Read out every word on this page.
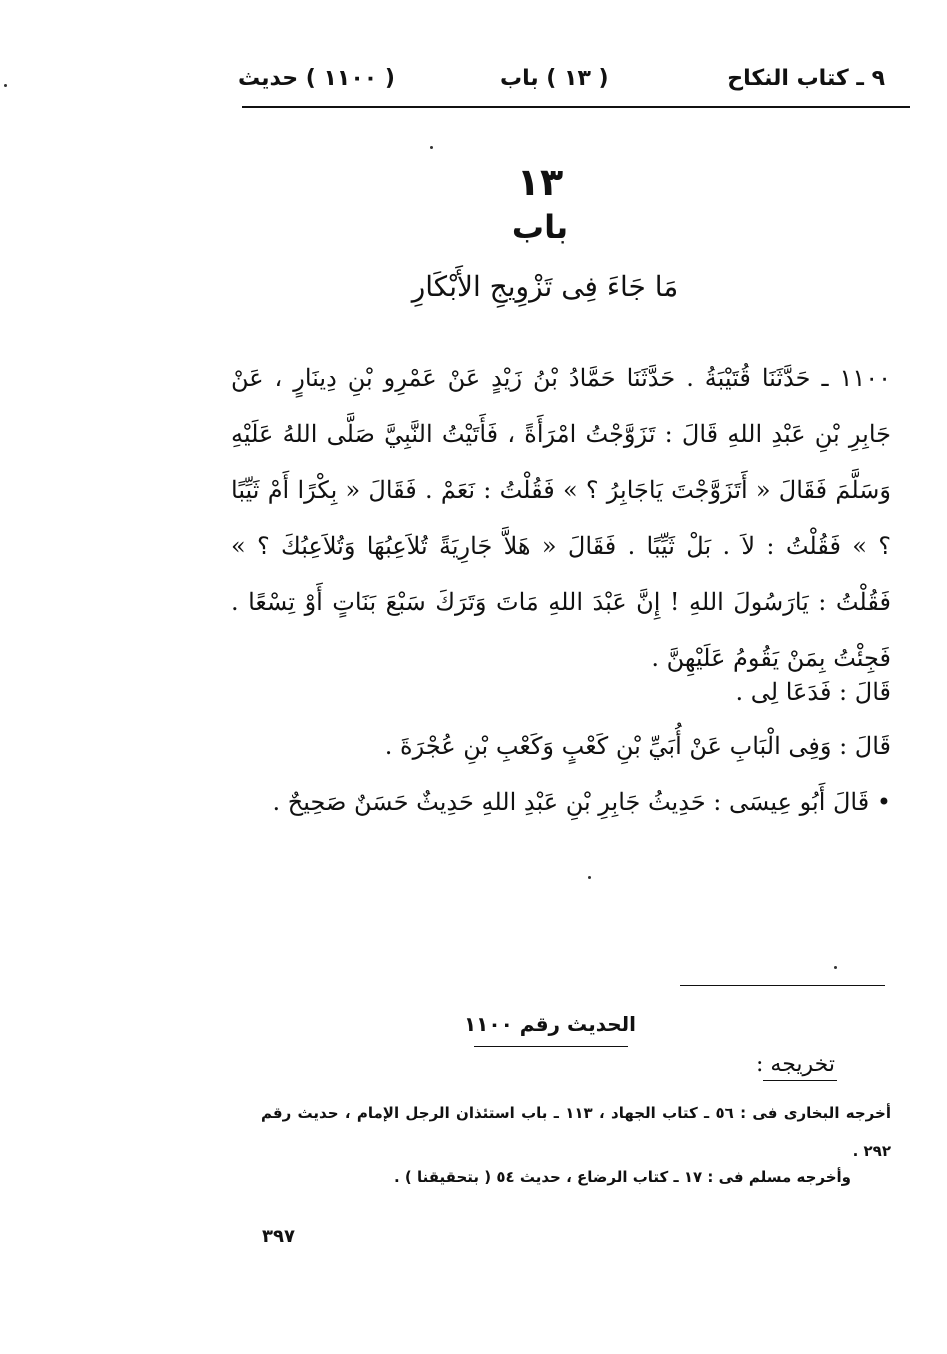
( ١١٠٠ ) حديث	( ١٣ ) باب	٩ ـ كتاب النكاح
١٣
باب
مَا جَاءَ فِى تَزْوِيجِ الأَبْكَارِ
١١٠٠ ـ حَدَّثَنَا قُتَيْبَةُ . حَدَّثَنَا حَمَّادُ بْنُ زَيْدٍ عَنْ عَمْرِو بْنِ دِينَارٍ ، عَنْ جَابِرِ بْنِ عَبْدِ اللهِ قَالَ : تَزَوَّجْتُ امْرَأَةً ، فَأَتَيْتُ النَّبِيَّ صَلَّى اللهُ عَلَيْهِ وَسَلَّمَ فَقَالَ « أَتَزَوَّجْتَ يَاجَابِرُ ؟ » فَقُلْتُ : نَعَمْ . فَقَالَ « بِكْرًا أَمْ ثَيِّبًا ؟ » فَقُلْتُ : لاَ . بَلْ ثَيِّبًا . فَقَالَ « هَلاَّ جَارِيَةً تُلاَعِبُهَا وَتُلاَعِبُكَ ؟ » فَقُلْتُ : يَارَسُولَ اللهِ ! إِنَّ عَبْدَ اللهِ مَاتَ وَتَرَكَ سَبْعَ بَنَاتٍ أَوْ تِسْعًا . فَجِئْتُ بِمَنْ يَقُومُ عَلَيْهِنَّ .
قَالَ : فَدَعَا لِى .
قَالَ : وَفِى الْبَابِ عَنْ أُبَيِّ بْنِ كَعْبٍ وَكَعْبِ بْنِ عُجْرَةَ .
• قَالَ أَبُو عِيسَى : حَدِيثُ جَابِرِ بْنِ عَبْدِ اللهِ حَدِيثٌ حَسَنٌ صَحِيحٌ .
الحديث رقم ١١٠٠
تخريجه :
أخرجه البخارى فى : ٥٦ ـ كتاب الجهاد ، ١١٣ ـ باب استئذان الرجل الإمام ، حديث رقم ٢٩٢ .
وأخرجه مسلم فى : ١٧ ـ كتاب الرضاع ، حديث ٥٤ ( بتحقيقنا ) .
٣٩٧
